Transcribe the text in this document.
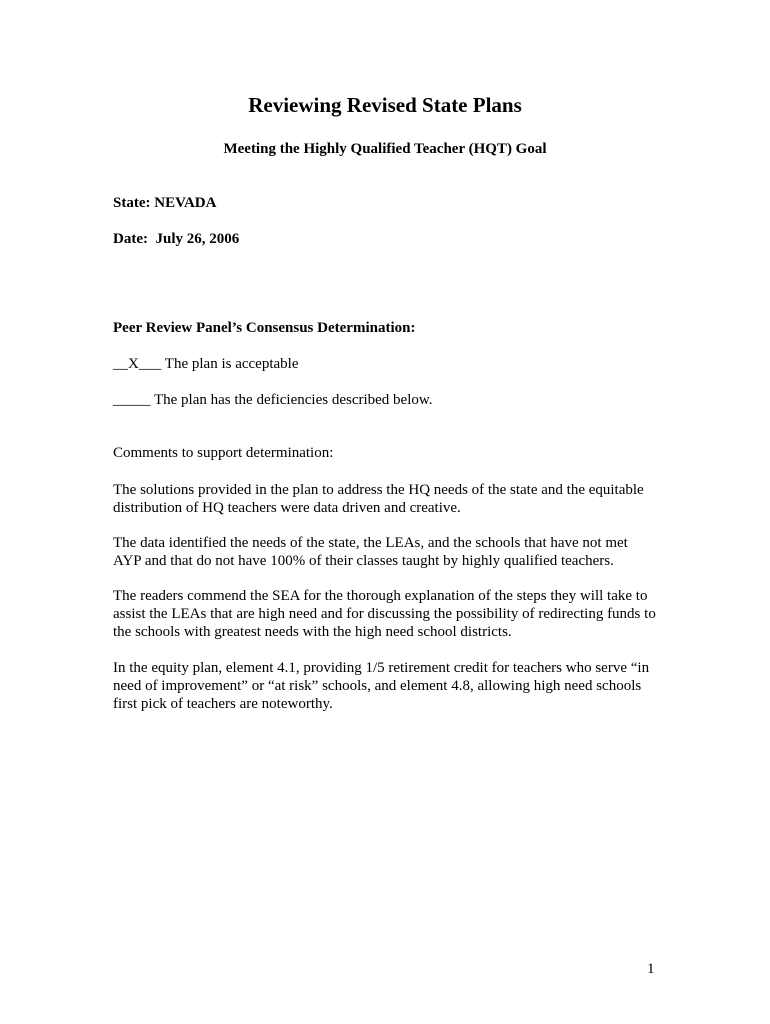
Reviewing Revised State Plans
Meeting the Highly Qualified Teacher (HQT) Goal
State: NEVADA
Date:  July 26, 2006
Peer Review Panel’s Consensus Determination:
__X___ The plan is acceptable
_____ The plan has the deficiencies described below.
Comments to support determination:
The solutions provided in the plan to address the HQ needs of the state and the equitable distribution of HQ teachers were data driven and creative.
The data identified the needs of the state, the LEAs, and the schools that have not met AYP and that do not have 100% of their classes taught by highly qualified teachers.
The readers commend the SEA for the thorough explanation of the steps they will take to assist the LEAs that are high need and for discussing the possibility of redirecting funds to the schools with greatest needs with the high need school districts.
In the equity plan, element 4.1, providing 1/5 retirement credit for teachers who serve “in need of improvement” or “at risk” schools, and element 4.8, allowing high need schools first pick of teachers are noteworthy.
1
